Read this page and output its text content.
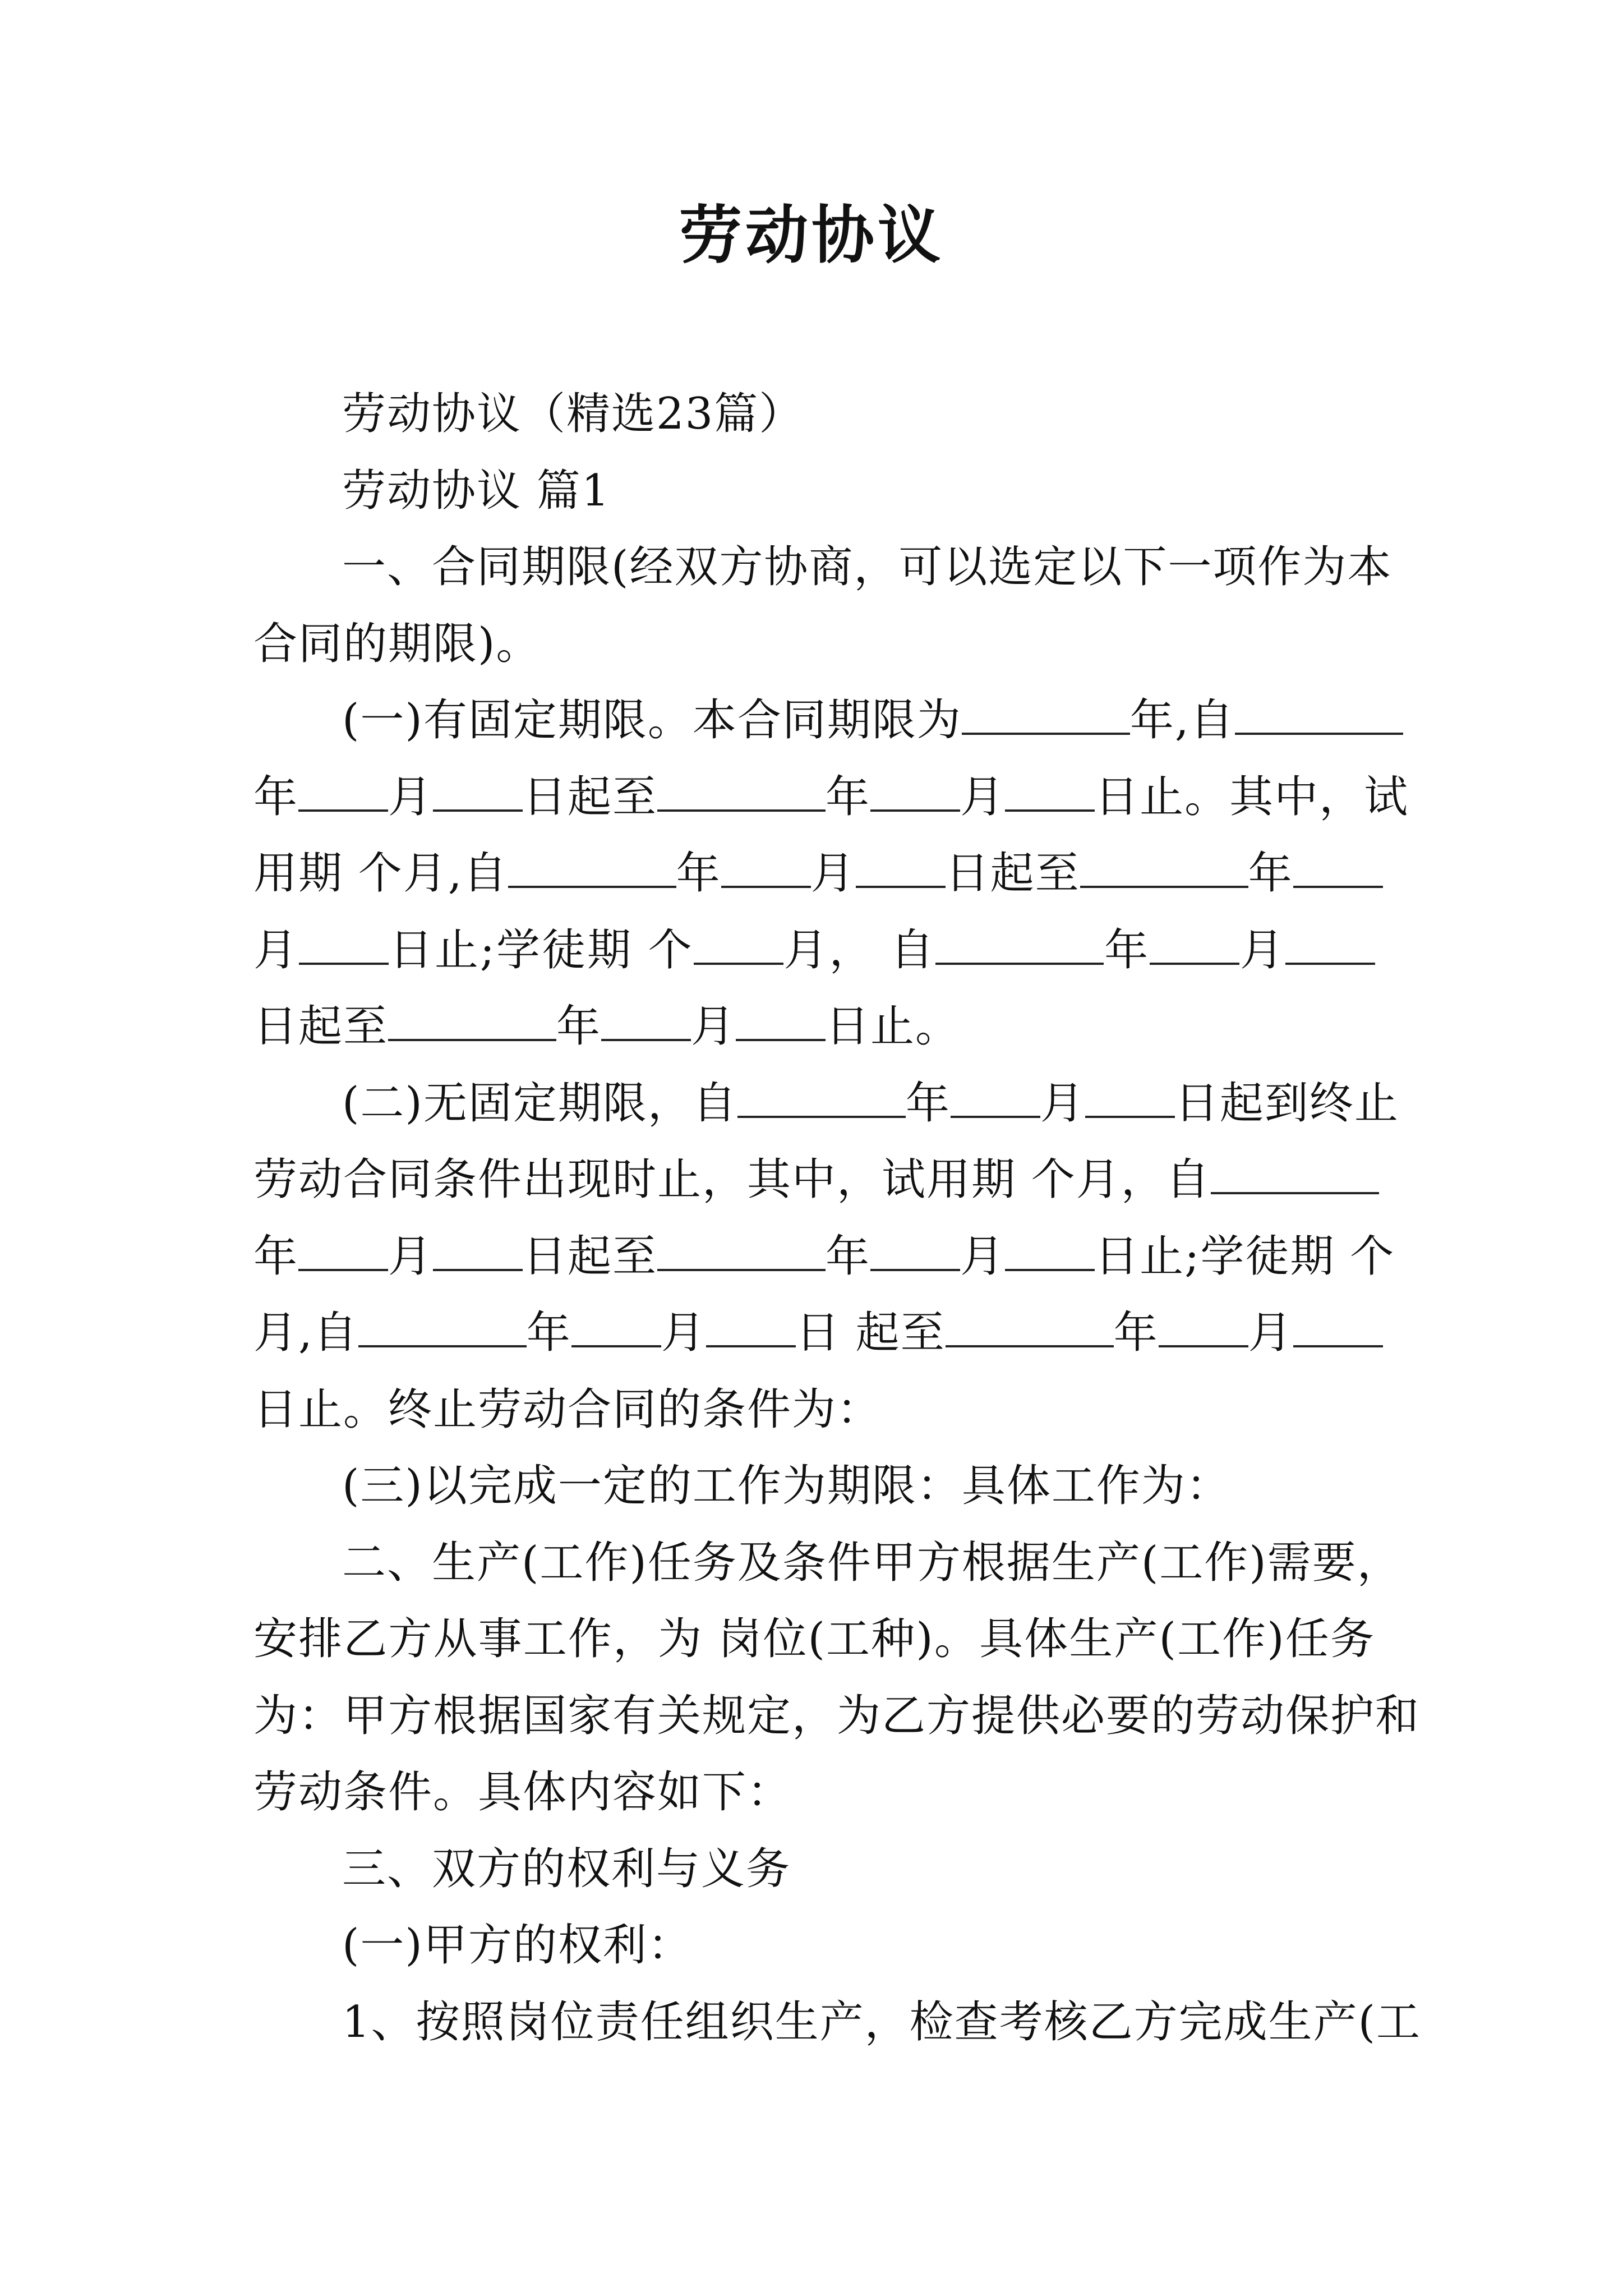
劳动协议
劳动协议（精选23篇）
劳动协议 篇1
一、合同期限(经双方协商，可以选定以下一项作为本
合同的期限)。
(一)有固定期限。本合同期限为	年,自
年 月 日起至	年 月 日止。其中，试
用期 个月,自	年 月 日起至	年
月 日止;学徒期 个 月， 自	年 月
日起至	年 月 日止。
(二)无固定期限，自	年 月 日起到终止
劳动合同条件出现时止，其中，试用期 个月，自
年 月 日起至	年 月 日止;学徒期 个
月,自	年 月 日 起至	年 月
日止。终止劳动合同的条件为：
(三)以完成一定的工作为期限：具体工作为：
二、生产(工作)任务及条件甲方根据生产(工作)需要，
安排乙方从事工作，为 岗位(工种)。具体生产(工作)任务
为：甲方根据国家有关规定，为乙方提供必要的劳动保护和
劳动条件。具体内容如下：
三、双方的权利与义务
(一)甲方的权利：
1、按照岗位责任组织生产，检查考核乙方完成生产(工
